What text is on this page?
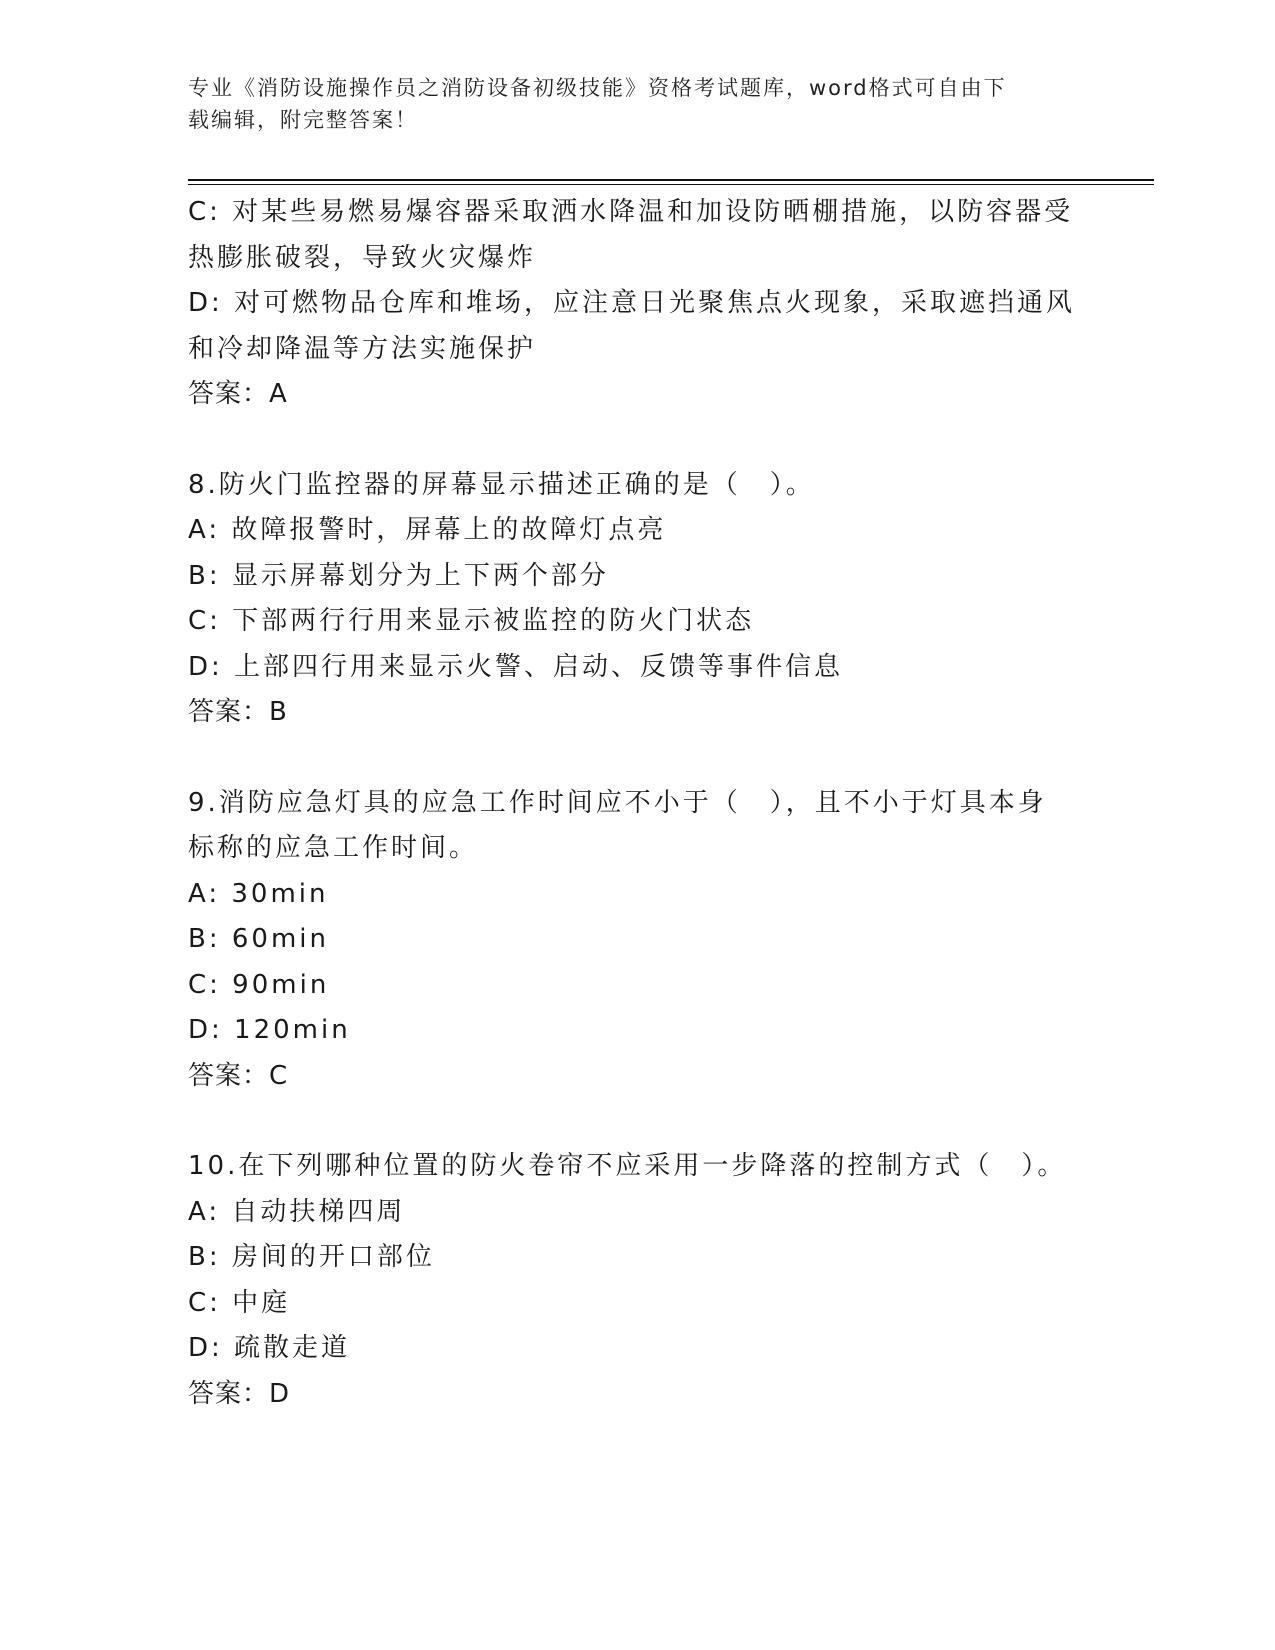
专业《消防设施操作员之消防设备初级技能》资格考试题库，word格式可自由下
载编辑，附完整答案！
C: 对某些易燃易爆容器采取洒水降温和加设防晒棚措施，以防容器受
热膨胀破裂，导致火灾爆炸
D: 对可燃物品仓库和堆场，应注意日光聚焦点火现象，采取遮挡通风
和冷却降温等方法实施保护
答案：A
8.防火门监控器的屏幕显示描述正确的是（　）。
A: 故障报警时，屏幕上的故障灯点亮
B: 显示屏幕划分为上下两个部分
C: 下部两行行用来显示被监控的防火门状态
D: 上部四行用来显示火警、启动、反馈等事件信息
答案：B
9.消防应急灯具的应急工作时间应不小于（　），且不小于灯具本身
标称的应急工作时间。
A: 30min
B: 60min
C: 90min
D: 120min
答案：C
10.在下列哪种位置的防火卷帘不应采用一步降落的控制方式（　）。
A: 自动扶梯四周
B: 房间的开口部位
C: 中庭
D: 疏散走道
答案：D
